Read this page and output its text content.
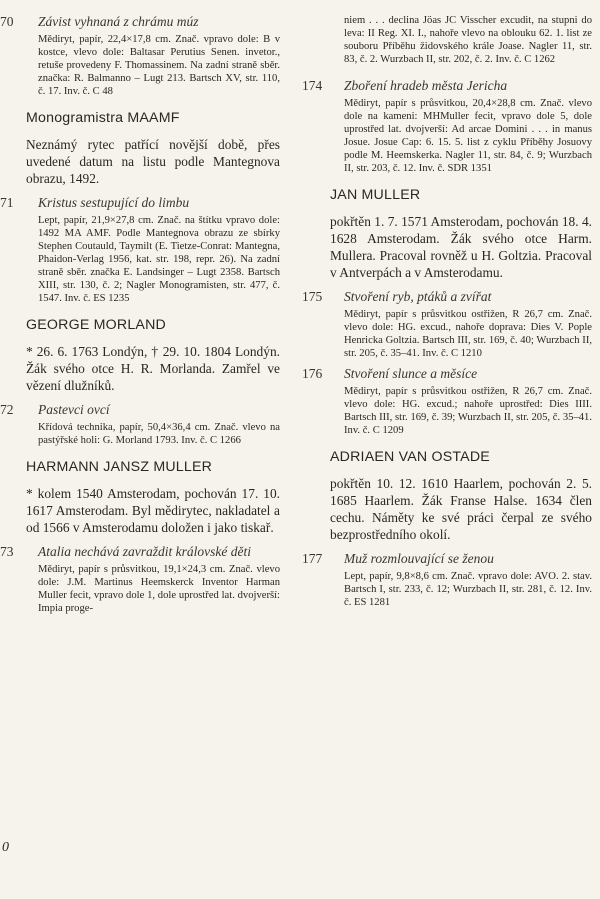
70 Závist vyhnaná z chrámu múz

Mědiryt, papír, 22,4×17,8 cm. Znač. vpravo dole: B v kostce, vlevo dole: Baltasar Perutius Senen. invetor., retuše provedeny F. Thomassinem. Na zadní straně sběr. značka: R. Balmanno – Lugt 213. Bartsch XV, str. 110, č. 17. Inv. č. C 48

Monogramistra MAAMF

Neznámý rytec patřící novější době, přes uvedené datum na listu podle Mantegnova obrazu, 1492.

71 Kristus sestupující do limbu

Lept, papír, 21,9×27,8 cm. Znač. na štítku vpravo dole: 1492 MA AMF. Podle Mantegnova obrazu ze sbírky Stephen Coutauld, Taymilt (E. Tietze-Conrat: Mantegna, Phaidon-Verlag 1956, kat. str. 198, repr. 26). Na zadní straně sběr. značka E. Landsinger – Lugt 2358. Bartsch XIII, str. 130, č. 2; Nagler Monogramisten, str. 477, č. 1547. Inv. č. ES 1235

GEORGE MORLAND

* 26. 6. 1763 Londýn, † 29. 10. 1804 Londýn. Žák svého otce H. R. Morlanda. Zamřel ve vězení dlužníků.

72 Pastevci ovcí

Křídová technika, papír, 50,4×36,4 cm. Znač. vlevo na pastýřské holi: G. Morland 1793. Inv. č. C 1266

HARMANN JANSZ MULLER

* kolem 1540 Amsterodam, pochován 17. 10. 1617 Amsterodam. Byl mědirytec, nakladatel a od 1566 v Amsterodamu doložen i jako tiskař.

73 Atalia nechává zavraždit královské děti

Mědiryt, papír s průsvitkou, 19,1×24,3 cm. Znač. vlevo dole: J.M. Martinus Heemskerck Inventor Harman Muller fecit, vpravo dole 1, dole uprostřed lat. dvojverší: Impia proge-

niem . . . declina Jöas JC Visscher excudit, na stupni do leva: II Reg. XI. I., nahoře vlevo na oblouku 62. 1. list ze souboru Příběhu židovského krále Joase. Nagler 11, str. 83, č. 2. Wurzbach II, str. 202, č. 2. Inv. č. C 1262

174 Zboření hradeb města Jericha

Mědiryt, papír s průsvitkou, 20,4×28,8 cm. Znač. vlevo dole na kameni: MHMuller fecit, vpravo dole 5, dole uprostřed lat. dvojverší: Ad arcae Domini . . . in manus Josue. Josue Cap: 6. 15. 5. list z cyklu Příběhy Josuovy podle M. Heemskerka. Nagler 11, str. 84, č. 9; Wurzbach II, str. 203, č. 12. Inv. č. SDR 1351

JAN MULLER

pokřtěn 1. 7. 1571 Amsterodam, pochován 18. 4. 1628 Amsterodam. Žák svého otce Harm. Mullera. Pracoval rovněž u H. Goltzia. Pracoval v Antverpách a v Amsterodamu.

175 Stvoření ryb, ptáků a zvířat

Mědiryt, papír s průsvitkou ostřižen, R 26,7 cm. Znač. vlevo dole: HG. excud., nahoře doprava: Dies V. Pople Henricka Goltzia. Bartsch III, str. 169, č. 40; Wurzbach II, str. 205, č. 35–41. Inv. č. C 1210

176 Stvoření slunce a měsíce

Mědiryt, papír s průsvitkou ostřižen, R 26,7 cm. Znač. vlevo dole: HG. excud.; nahoře uprostřed: Dies IIII. Bartsch III, str. 169, č. 39; Wurzbach II, str. 205, č. 35–41. Inv. č. C 1209

ADRIAEN VAN OSTADE

pokřtěn 10. 12. 1610 Haarlem, pochován 2. 5. 1685 Haarlem. Žák Franse Halse. 1634 člen cechu. Náměty ke své práci čerpal ze svého bezprostředního okolí.

177 Muž rozmlouvající se ženou

Lept, papír, 9,8×8,6 cm. Znač. vpravo dole: AVO. 2. stav. Bartsch I, str. 233, č. 12; Wurzbach II, str. 281, č. 12. Inv. č. ES 1281

0
